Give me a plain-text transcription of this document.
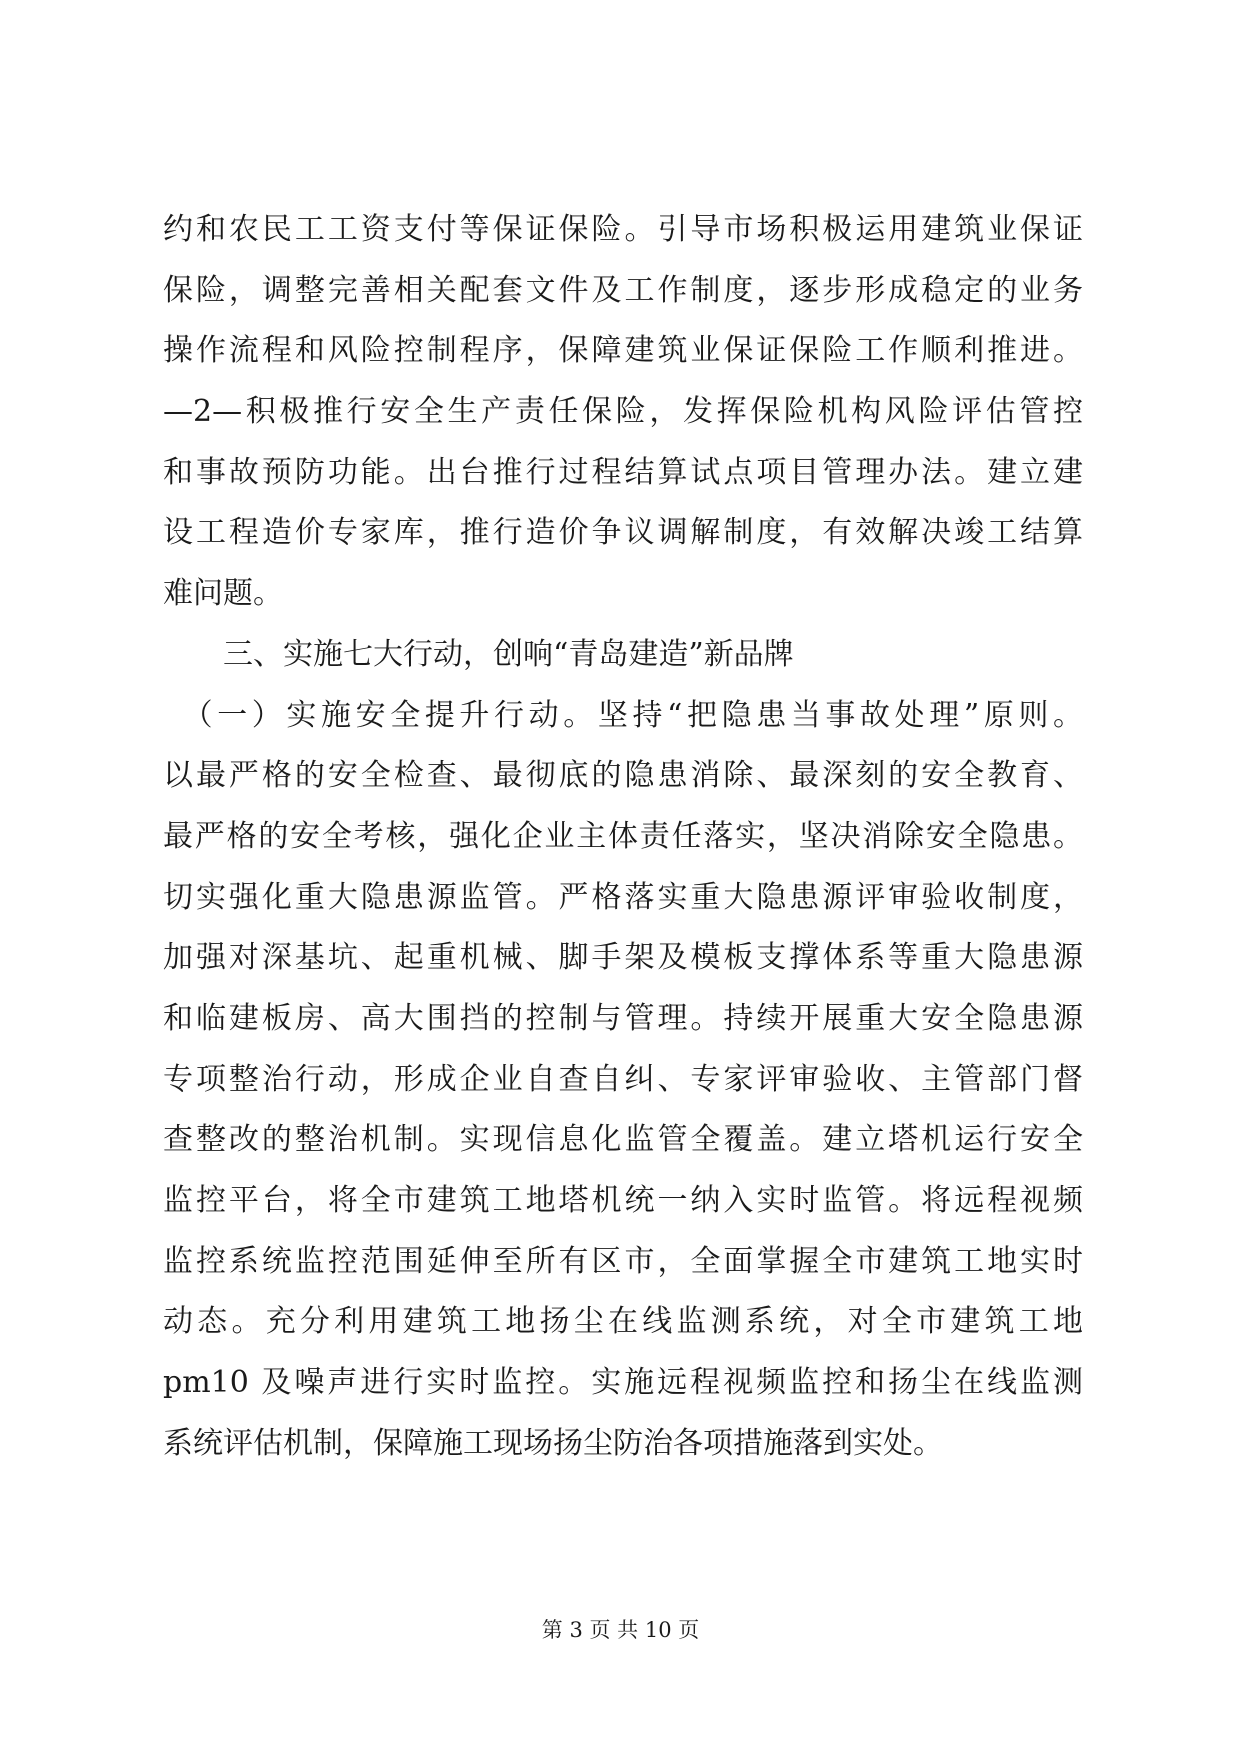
约和农民工工资支付等保证保险。引导市场积极运用建筑业保证

保险，调整完善相关配套文件及工作制度，逐步形成稳定的业务

操作流程和风险控制程序，保障建筑业保证保险工作顺利推进。

—2—积极推行安全生产责任保险，发挥保险机构风险评估管控

和事故预防功能。出台推行过程结算试点项目管理办法。建立建

设工程造价专家库，推行造价争议调解制度，有效解决竣工结算

难问题。

　　三、实施七大行动，创响“青岛建造”新品牌

　（一）实施安全提升行动。坚持“把隐患当事故处理”原则。

以最严格的安全检查、最彻底的隐患消除、最深刻的安全教育、

最严格的安全考核，强化企业主体责任落实，坚决消除安全隐患。

切实强化重大隐患源监管。严格落实重大隐患源评审验收制度，

加强对深基坑、起重机械、脚手架及模板支撑体系等重大隐患源

和临建板房、高大围挡的控制与管理。持续开展重大安全隐患源

专项整治行动，形成企业自查自纠、专家评审验收、主管部门督

查整改的整治机制。实现信息化监管全覆盖。建立塔机运行安全

监控平台，将全市建筑工地塔机统一纳入实时监管。将远程视频

监控系统监控范围延伸至所有区市，全面掌握全市建筑工地实时

动态。充分利用建筑工地扬尘在线监测系统，对全市建筑工地

pm10 及噪声进行实时监控。实施远程视频监控和扬尘在线监测

系统评估机制，保障施工现场扬尘防治各项措施落到实处。

第 3 页 共 10 页
